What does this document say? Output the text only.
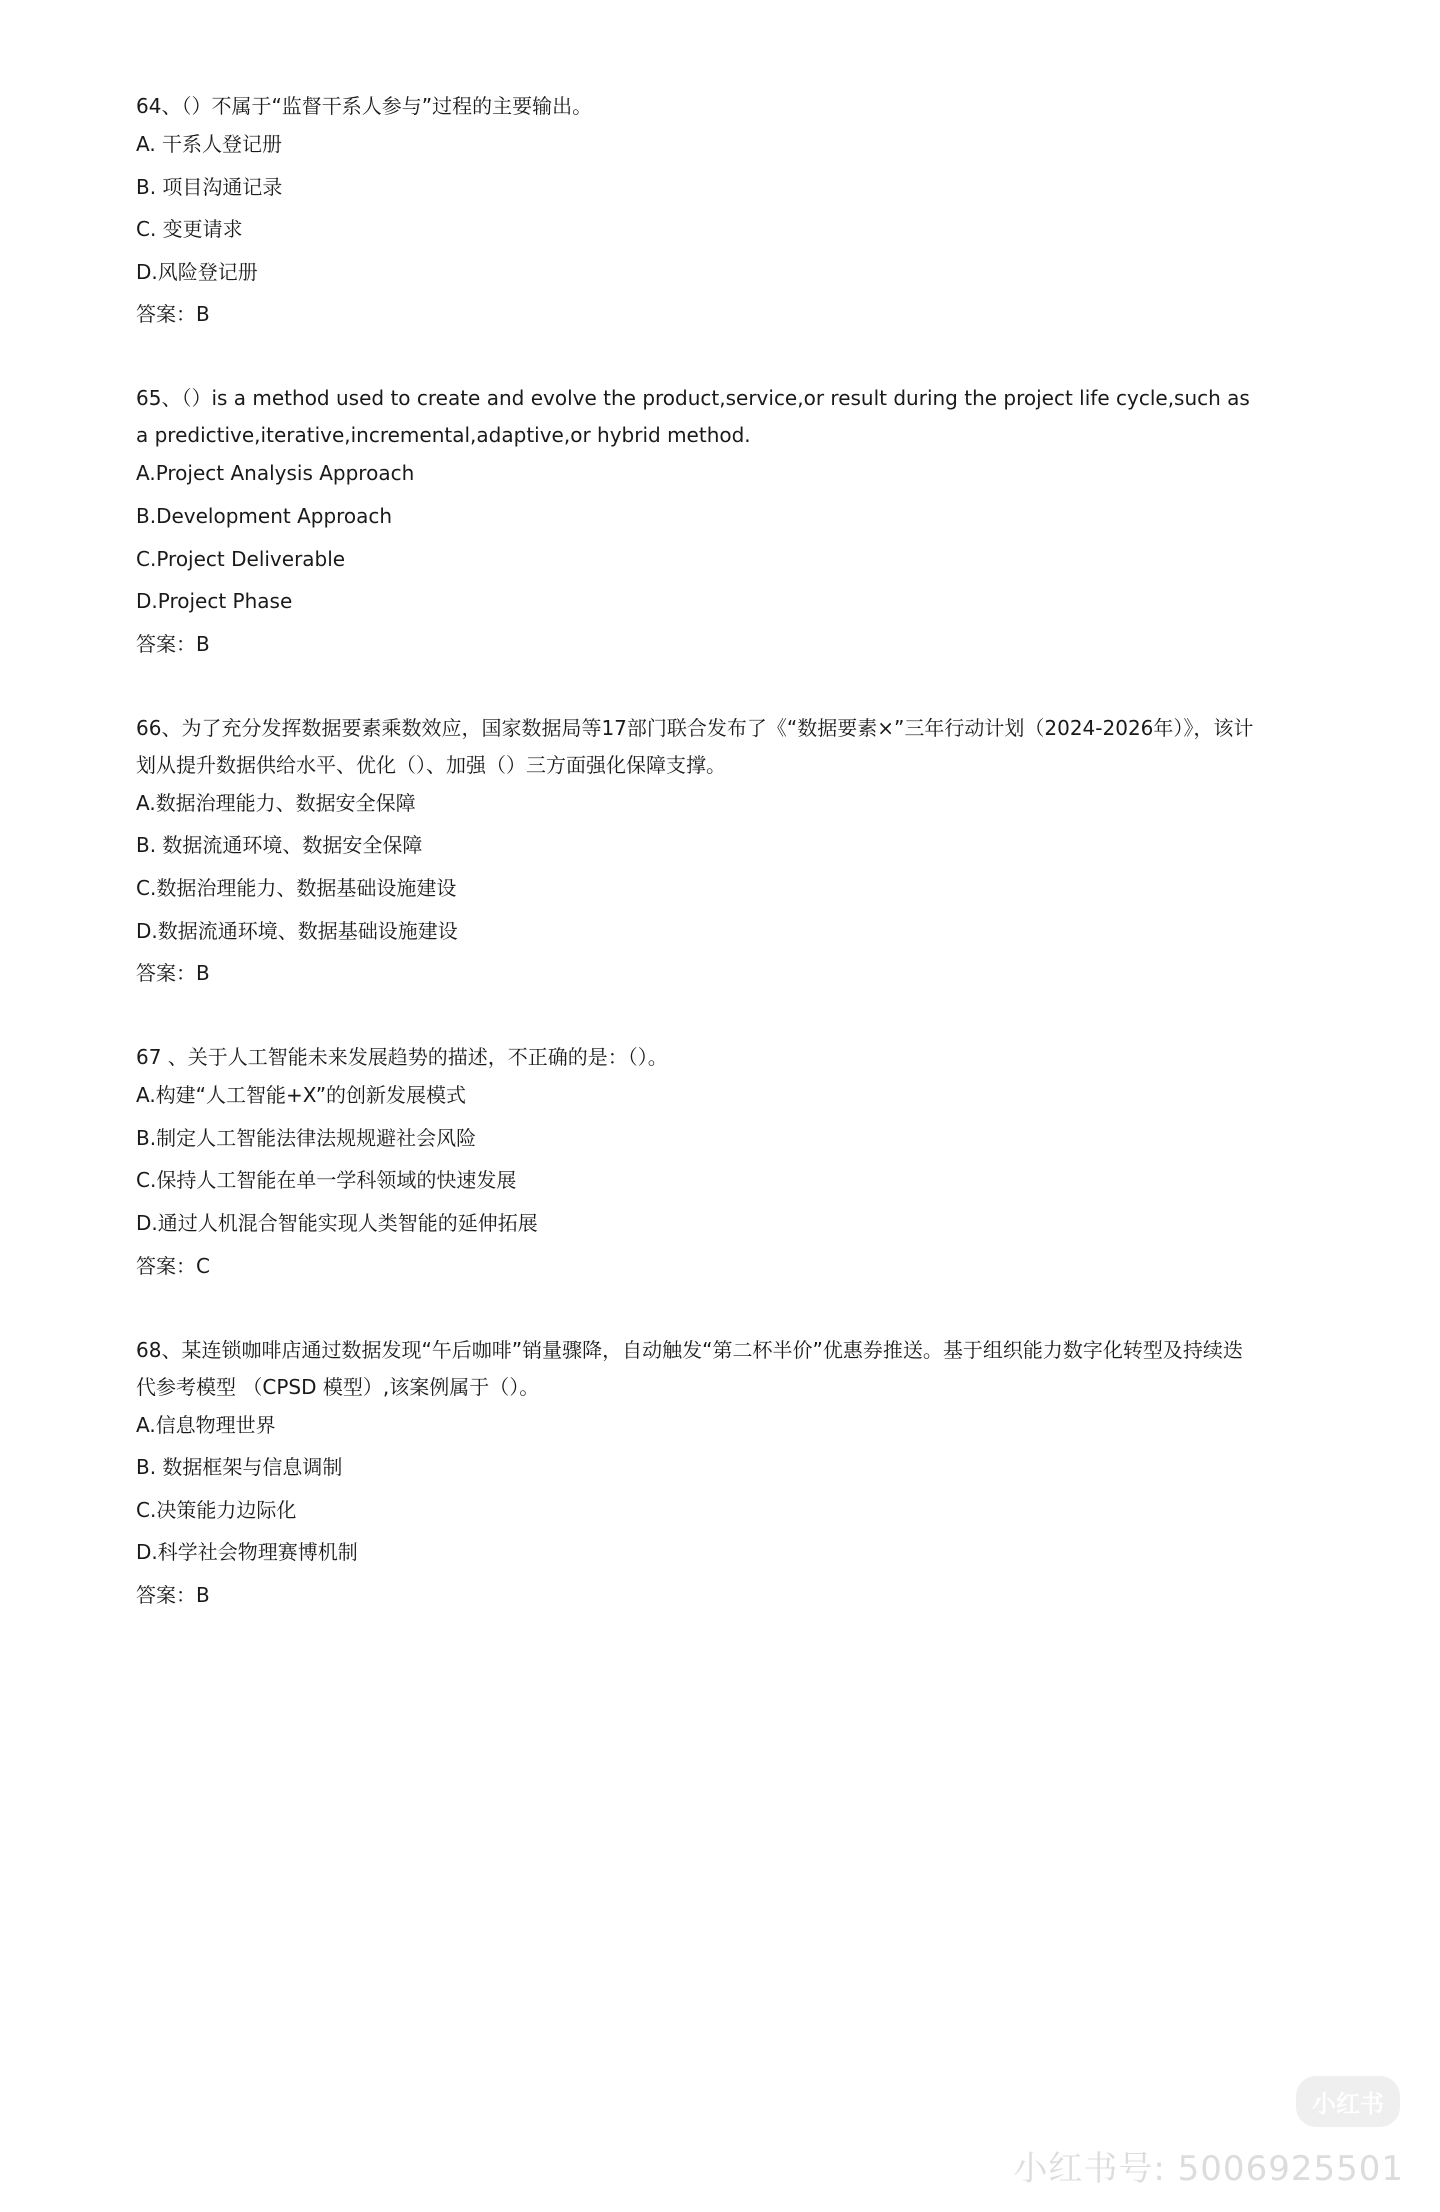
64、（）不属于“监督干系人参与”过程的主要输出。

A. 干系人登记册

B. 项目沟通记录

C. 变更请求

D.风险登记册

答案：B

65、（）is a method used to create and evolve the product,service,or result during the project life cycle,such as a predictive,iterative,incremental,adaptive,or hybrid method.

A.Project Analysis Approach

B.Development Approach

C.Project Deliverable

D.Project Phase

答案：B

66、为了充分发挥数据要素乘数效应，国家数据局等17部门联合发布了《“数据要素×”三年行动计划（2024-2026年）》，该计划从提升数据供给水平、优化（）、加强（）三方面强化保障支撑。

A.数据治理能力、数据安全保障

B. 数据流通环境、数据安全保障

C.数据治理能力、数据基础设施建设

D.数据流通环境、数据基础设施建设

答案：B

67 、关于人工智能未来发展趋势的描述，不正确的是：（）。

A.构建“人工智能+X”的创新发展模式

B.制定人工智能法律法规规避社会风险

C.保持人工智能在单一学科领域的快速发展

D.通过人机混合智能实现人类智能的延伸拓展

答案：C

68、某连锁咖啡店通过数据发现“午后咖啡”销量骤降，自动触发“第二杯半价”优惠券推送。基于组织能力数字化转型及持续迭代参考模型 （CPSD 模型）,该案例属于（）。

A.信息物理世界

B. 数据框架与信息调制

C.决策能力边际化

D.科学社会物理赛博机制

答案：B

小红书
小红书号: 5006925501
